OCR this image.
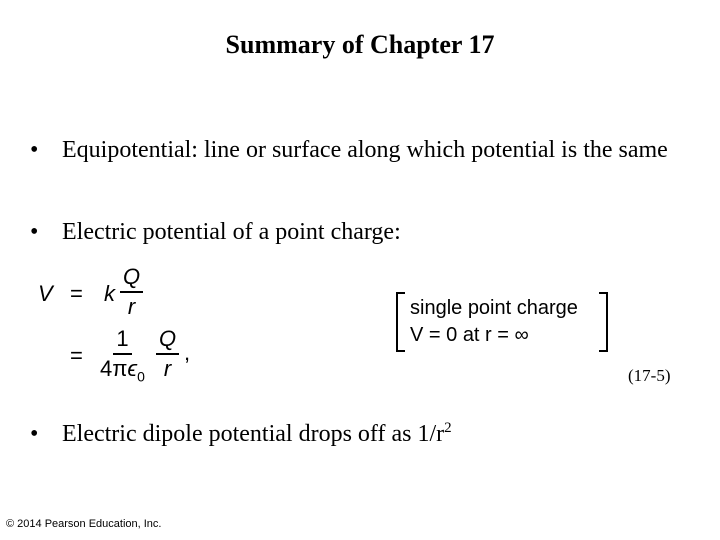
Summary of Chapter 17
• Equipotential: line or surface along which potential is the same
• Electric potential of a point charge:
V = k $\frac{Q}{r}$
= $\frac{1}{4\pi\epsilon_0} \frac{Q}{r}$ ,
single point charge
V = 0 at r = ∞
(17-5)
• Electric dipole potential drops off as $1/r^2$
© 2014 Pearson Education, Inc.
